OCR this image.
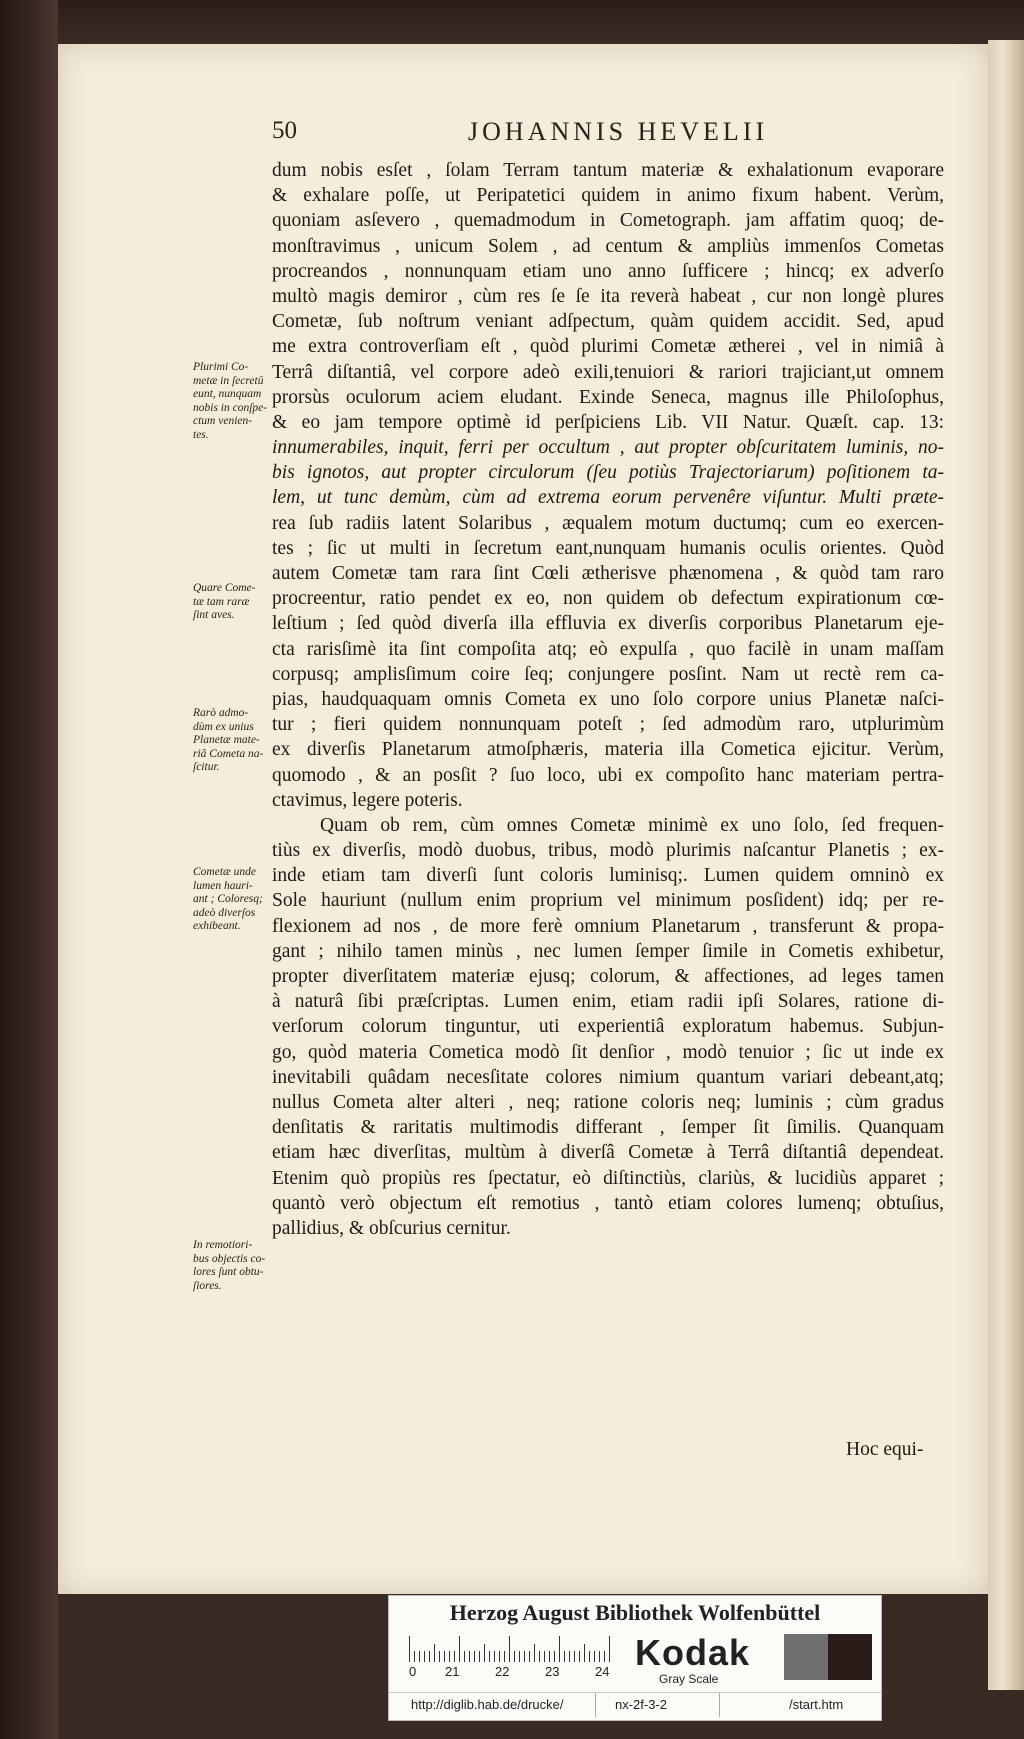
50	JOHANNIS HEVELII
dum nobis esſet , ſolam Terram tantum materiæ & exhalationum evaporare
& exhalare poſſe, ut Peripatetici quidem in animo fixum habent. Verùm,
quoniam asſevero , quemadmodum in Cometograph. jam affatim quoq; de-
monſtravimus , unicum Solem , ad centum & ampliùs immenſos Cometas
procreandos , nonnunquam etiam uno anno ſufficere ; hincq; ex adverſo
multò magis demiror , cùm res ſe ſe ita reverà habeat , cur non longè plures
Cometæ, ſub noſtrum veniant adſpectum, quàm quidem accidit. Sed, apud
me extra controverſiam eſt , quòd plurimi Cometæ ætherei , vel in nimiâ à
Terrâ diſtantiâ, vel corpore adeò exili,tenuiori & rariori trajiciant,ut omnem
prorsùs oculorum aciem eludant. Exinde Seneca, magnus ille Philoſophus,
& eo jam tempore optimè id perſpiciens Lib. VII Natur. Quæſt. cap. 13:
innumerabiles, inquit, ferri per occultum , aut propter obſcuritatem luminis, no-
bis ignotos, aut propter circulorum (ſeu potiùs Trajectoriarum) poſitionem ta-
lem, ut tunc demùm, cùm ad extrema eorum pervenêre viſuntur. Multi præte-
rea ſub radiis latent Solaribus , æqualem motum ductumq; cum eo exercen-
tes ; ſic ut multi in ſecretum eant,nunquam humanis oculis orientes. Quòd
autem Cometæ tam rara ſint Cœli ætherisve phænomena , & quòd tam raro
procreentur, ratio pendet ex eo, non quidem ob defectum expirationum cœ-
leſtium ; ſed quòd diverſa illa effluvia ex diverſis corporibus Planetarum eje-
cta rarisſimè ita ſint compoſita atq; eò expulſa , quo facilè in unam maſſam
corpusq; amplisſimum coire ſeq; conjungere posſint. Nam ut rectè rem ca-
pias, haudquaquam omnis Cometa ex uno ſolo corpore unius Planetæ naſci-
tur ; fieri quidem nonnunquam poteſt ; ſed admodùm raro, utplurimùm
ex diverſis Planetarum atmoſphæris, materia illa Cometica ejicitur. Verùm,
quomodo , & an posſit ? ſuo loco, ubi ex compoſito hanc materiam pertra-
ctavimus, legere poteris.
Quam ob rem, cùm omnes Cometæ minimè ex uno ſolo, ſed frequen-
tiùs ex diverſis, modò duobus, tribus, modò plurimis naſcantur Planetis ; ex-
inde etiam tam diverſi ſunt coloris luminisq;. Lumen quidem omninò ex
Sole hauriunt (nullum enim proprium vel minimum posſident) idq; per re-
flexionem ad nos , de more ferè omnium Planetarum , transferunt & propa-
gant ; nihilo tamen minùs , nec lumen ſemper ſimile in Cometis exhibetur,
propter diverſitatem materiæ ejusq; colorum, & affectiones, ad leges tamen
à naturâ ſibi præſcriptas. Lumen enim, etiam radii ipſi Solares, ratione di-
verſorum colorum tinguntur, uti experientiâ exploratum habemus. Subjun-
go, quòd materia Cometica modò ſit denſior , modò tenuior ; ſic ut inde ex
inevitabili quâdam necesſitate colores nimium quantum variari debeant,atq;
nullus Cometa alter alteri , neq; ratione coloris neq; luminis ; cùm gradus
denſitatis & raritatis multimodis differant , ſemper ſit ſimilis. Quanquam
etiam hæc diverſitas, multùm à diverſâ Cometæ à Terrâ diſtantiâ dependeat.
Etenim quò propiùs res ſpectatur, eò diſtinctiùs, clariùs, & lucidiùs apparet ;
quantò verò objectum eſt remotius , tantò etiam colores lumenq; obtuſius,
pallidius, & obſcurius cernitur.
Plurimi Co-
metæ in ſecretū
eunt, nunquam
nobis in conſpe-
ctum venien-
tes.
Quare Come-
tæ tam raræ
ſint aves.
Rarò admo-
dùm ex unius
Planetæ mate-
riâ Cometa na-
ſcitur.
Cometæ unde
lumen hauri-
ant ; Coloresq;
adeò diverſos
exhibeant.
In remotiori-
bus objectis co-
lores ſunt obtu-
ſiores.
Hoc equi-
Herzog August Bibliothek Wolfenbüttel
0 21	22	23	24 Kodak
Gray Scale
http://diglib.hab.de/drucke/	nx-2f-3-2	/start.htm
